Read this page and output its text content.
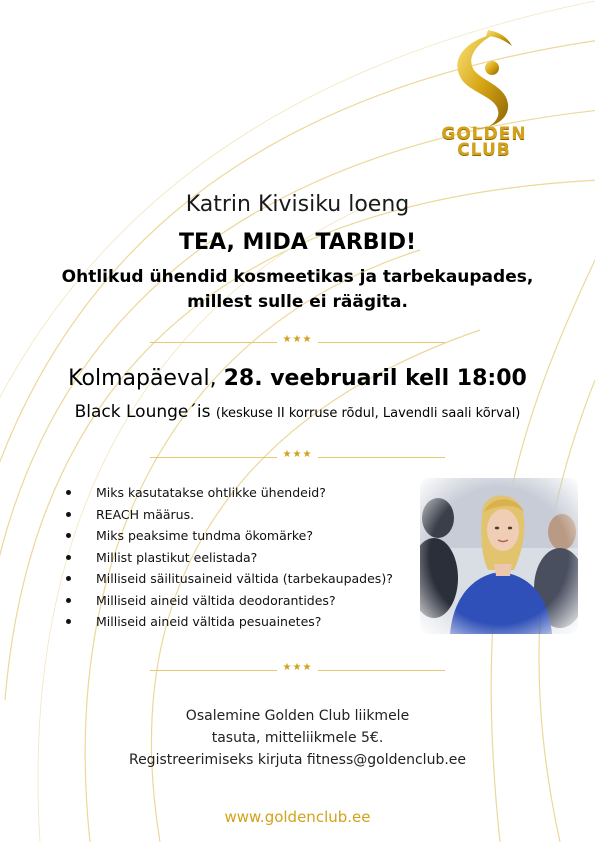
GOLDEN
CLUB
Katrin Kivisiku loeng
TEA, MIDA TARBID!
Ohtlikud ühendid kosmeetikas ja tarbekaupades,
millest sulle ei räägita.
★★★
Kolmapäeval, 28. veebruaril kell 18:00
Black Lounge´is (keskuse II korruse rõdul, Lavendli saali kõrval)
★★★
Miks kasutatakse ohtlikke ühendeid?
REACH määrus.
Miks peaksime tundma ökomärke?
Millist plastikut eelistada?
Milliseid säilitusaineid vältida (tarbekaupades)?
Milliseid aineid vältida deodorantides?
Milliseid aineid vältida pesuainetes?
★★★
Osalemine Golden Club liikmele
tasuta, mitteliikmele 5€.
Registreerimiseks kirjuta fitness@goldenclub.ee
www.goldenclub.ee
